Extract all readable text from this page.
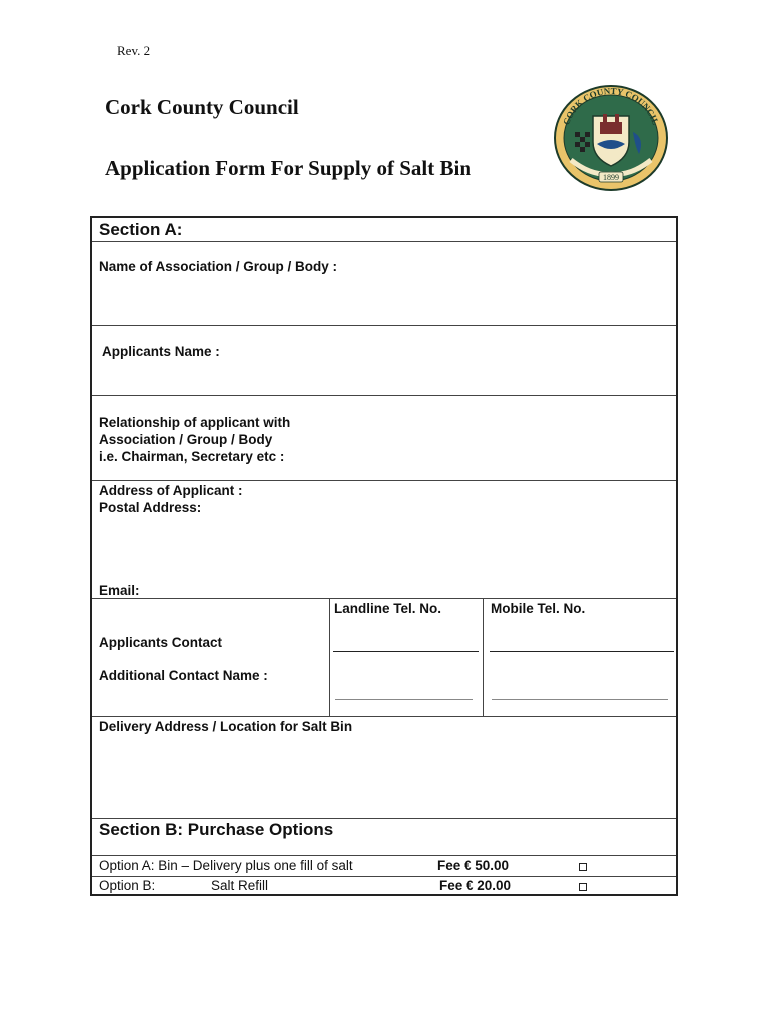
Rev. 2
Cork County Council
Application Form For Supply of Salt Bin
CORK COUNTY COUNCIL
1899
Section A:
Name of Association / Group / Body :
Applicants Name :
Relationship of applicant with
Association / Group / Body
i.e. Chairman, Secretary etc :
Address of Applicant :
Postal Address:
Email:
Landline Tel. No.	Mobile Tel. No.
Applicants Contact
Additional Contact Name :
Delivery Address / Location for Salt Bin
Section B: Purchase Options
Option A: Bin – Delivery plus one fill of salt	Fee € 50.00
Option B:	Salt Refill	Fee € 20.00
